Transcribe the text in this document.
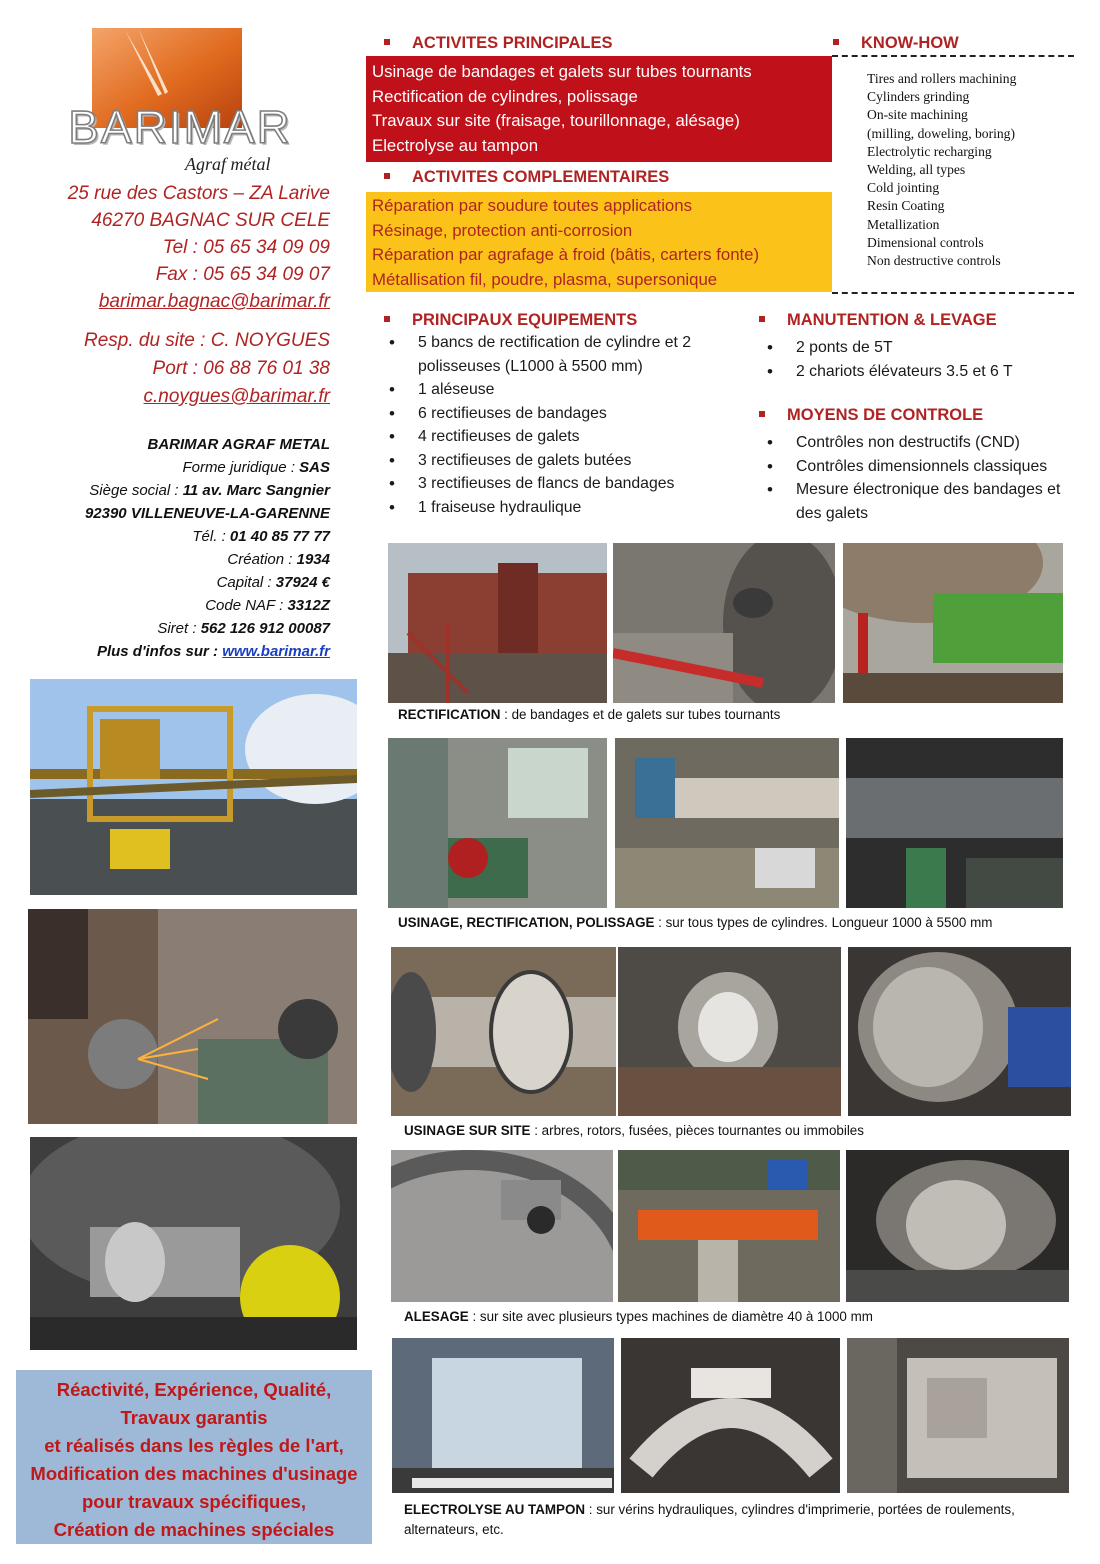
BARIMAR
Agraf métal
25 rue des Castors – ZA Larive
46270 BAGNAC SUR CELE
Tel : 05 65 34 09 09
Fax : 05 65 34 09 07
barimar.bagnac@barimar.fr
Resp. du site : C. NOYGUES
Port : 06 88 76 01 38
c.noygues@barimar.fr
BARIMAR AGRAF METAL
Forme juridique : SAS
Siège social : 11 av. Marc Sangnier
92390 VILLENEUVE-LA-GARENNE
Tél. : 01 40 85 77 77
Création : 1934
Capital : 37924 €
Code NAF : 3312Z
Siret : 562 126 912 00087
Plus d'infos sur : www.barimar.fr
Réactivité, Expérience, Qualité,
Travaux garantis
et réalisés dans les règles de l'art,
Modification des machines d'usinage
pour travaux spécifiques,
Création de machines spéciales
ACTIVITES PRINCIPALES	KNOW-HOW
Usinage de bandages et galets sur tubes tournants
Rectification de cylindres, polissage
Travaux sur site (fraisage, tourillonnage, alésage)
Electrolyse au tampon
ACTIVITES COMPLEMENTAIRES
Réparation par soudure toutes applications
Résinage, protection anti-corrosion
Réparation par agrafage à froid (bâtis, carters fonte)
Métallisation fil, poudre, plasma, supersonique
Tires and rollers machining
Cylinders grinding
On-site machining
(milling, doweling, boring)
Electrolytic recharging
Welding, all types
Cold jointing
Resin Coating
Metallization
Dimensional controls
Non destructive controls
PRINCIPAUX EQUIPEMENTS
• 5 bancs de rectification de cylindre et 2 polisseuses (L1000 à 5500 mm)
• 1 aléseuse
• 6 rectifieuses de bandages
• 4 rectifieuses de galets
• 3 rectifieuses de galets butées
• 3 rectifieuses de flancs de bandages
• 1 fraiseuse hydraulique
MANUTENTION & LEVAGE
• 2 ponts de 5T
• 2 chariots élévateurs 3.5 et 6 T
MOYENS DE CONTROLE
• Contrôles non destructifs (CND)
• Contrôles dimensionnels classiques
• Mesure électronique des bandages et des galets
RECTIFICATION : de bandages et de galets sur tubes tournants
USINAGE, RECTIFICATION, POLISSAGE : sur tous types de cylindres. Longueur 1000 à 5500 mm
USINAGE SUR SITE : arbres, rotors, fusées, pièces tournantes ou immobiles
ALESAGE : sur site avec plusieurs types machines de diamètre 40 à 1000 mm
ELECTROLYSE AU TAMPON : sur vérins hydrauliques, cylindres d'imprimerie, portées de roulements, alternateurs, etc.
